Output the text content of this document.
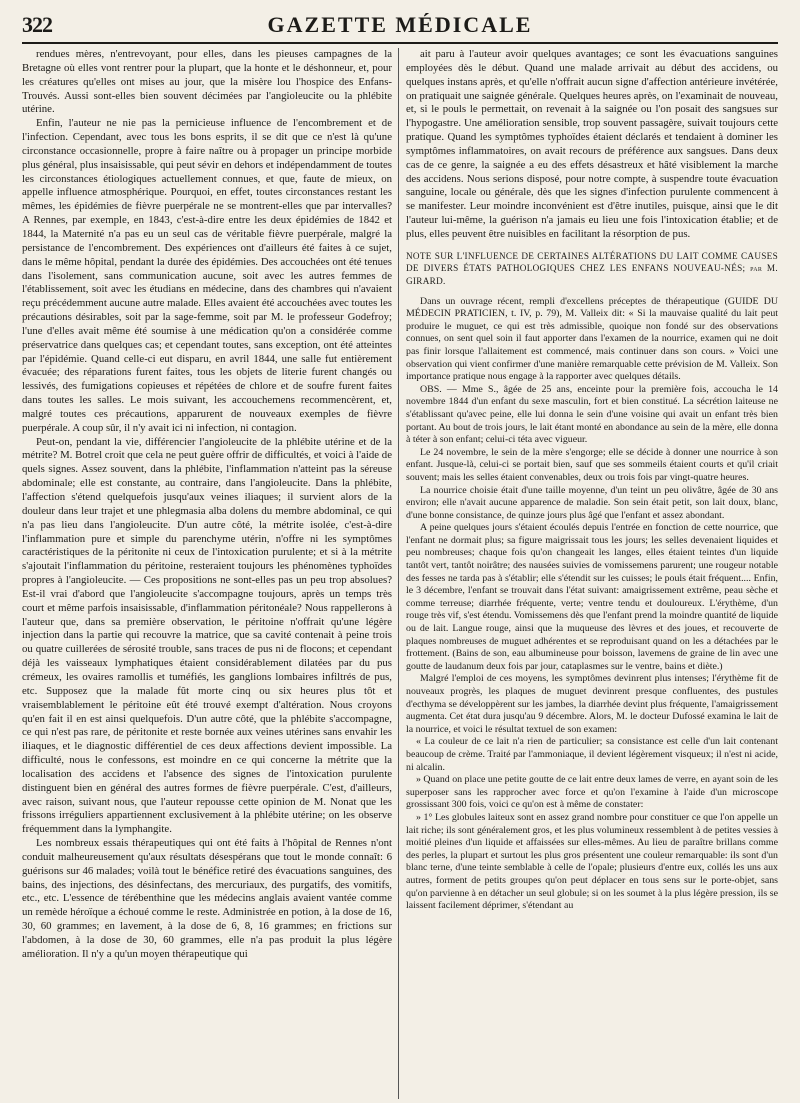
322	GAZETTE MÉDICALE

rendues mères, n'entrevoyant, pour elles, dans les pieuses campagnes de la Bretagne où elles vont rentrer pour la plupart, que la honte et le déshonneur, et, pour les créatures qu'elles ont mises au jour, que la misère lou l'hospice des Enfans-Trouvés. Aussi sont-elles bien souvent décimées par l'angioleucite ou la phlébite utérine.

Enfin, l'auteur ne nie pas la pernicieuse influence de l'encombrement et de l'infection. Cependant, avec tous les bons esprits, il se dit que ce n'est là qu'une circonstance occasionnelle, propre à faire naître ou à propager un principe morbide plus général, plus insaisissable, qui peut sévir en dehors et indépendamment de toutes les circonstances étiologiques actuellement connues, et que, faute de mieux, on appelle influence atmosphérique. Pourquoi, en effet, toutes circonstances restant les mêmes, les épidémies de fièvre puerpérale ne se montrent-elles que par intervalles? A Rennes, par exemple, en 1843, c'est-à-dire entre les deux épidémies de 1842 et 1844, la Maternité n'a pas eu un seul cas de véritable fièvre puerpérale, malgré la persistance de l'encombrement. Des expériences ont d'ailleurs été faites à ce sujet, dans le même hôpital, pendant la durée des épidémies. Des accouchées ont été tenues dans l'isolement, sans communication aucune, soit avec les autres femmes de l'établissement, soit avec les étudians en médecine, dans des chambres qui n'avaient reçu précédemment aucune autre malade. Elles avaient été accouchées avec toutes les précautions désirables, soit par la sage-femme, soit par M. le professeur Godefroy; l'une d'elles avait même été soumise à une médication qu'on a considérée comme préservatrice dans quelques cas; et cependant toutes, sans exception, ont été atteintes par l'épidémie. Quand celle-ci eut disparu, en avril 1844, une salle fut entièrement évacuée; des réparations furent faites, tous les objets de literie furent changés ou lessivés, des fumigations copieuses et répétées de chlore et de soufre furent faites dans toutes les salles. Le mois suivant, les accouchemens recommencèrent, et, malgré toutes ces précautions, apparurent de nouveaux exemples de fièvre puerpérale. A coup sûr, il n'y avait ici ni infection, ni contagion.

Peut-on, pendant la vie, différencier l'angioleucite de la phlébite utérine et de la métrite? M. Botrel croit que cela ne peut guère offrir de difficultés, et voici à l'aide de quels signes. Assez souvent, dans la phlébite, l'inflammation n'atteint pas la séreuse abdominale; elle est constante, au contraire, dans l'angioleucite. Dans la phlébite, l'affection s'étend quelquefois jusqu'aux veines iliaques; il survient alors de la douleur dans leur trajet et une phlegmasia alba dolens du membre abdominal, ce qui n'a pas lieu dans l'angioleucite. D'un autre côté, la métrite isolée, c'est-à-dire l'inflammation pure et simple du parenchyme utérin, n'offre ni les symptômes caractéristiques de la péritonite ni ceux de l'intoxication purulente; et si à la métrite s'ajoutait l'inflammation du péritoine, resteraient toujours les phénomènes typhoïdes propres à l'angioleucite. — Ces propositions ne sont-elles pas un peu trop absolues? Est-il vrai d'abord que l'angioleucite s'accompagne toujours, après un temps très court et même parfois insaisissable, d'inflammation péritonéale? Nous rappellerons à l'auteur que, dans sa première observation, le péritoine n'offrait qu'une légère injection dans la partie qui recouvre la matrice, que sa cavité contenait à peine trois ou quatre cuillerées de sérosité trouble, sans traces de pus ni de flocons; et cependant déjà les vaisseaux lymphatiques étaient considérablement dilatées par du pus crémeux, les ovaires ramollis et tuméfiés, les ganglions lombaires infiltrés de pus, etc. Supposez que la malade fût morte cinq ou six heures plus tôt et vraisemblablement le péritoine eût été trouvé exempt d'altération. Nous croyons qu'en fait il en est ainsi quelquefois. D'un autre côté, que la phlébite s'accompagne, ce qui n'est pas rare, de péritonite et reste bornée aux veines utérines sans envahir les iliaques, et le diagnostic différentiel de ces deux affections devient impossible. La difficulté, nous le confessons, est moindre en ce qui concerne la métrite que la localisation des accidens et l'absence des signes de l'intoxication purulente distinguent bien en général des autres formes de fièvre puerpérale. C'est, d'ailleurs, avec raison, suivant nous, que l'auteur repousse cette opinion de M. Nonat que les frissons irréguliers appartiennent exclusivement à la phlébite utérine; on les observe fréquemment dans la lymphangite.

Les nombreux essais thérapeutiques qui ont été faits à l'hôpital de Rennes n'ont conduit malheureusement qu'aux résultats désespérans que tout le monde connaît: 6 guérisons sur 46 malades; voilà tout le bénéfice retiré des évacuations sanguines, des bains, des injections, des désinfectans, des mercuriaux, des purgatifs, des vomitifs, etc., etc. L'essence de térébenthine que les médecins anglais avaient vantée comme un remède héroïque a échoué comme le reste. Administrée en potion, à la dose de 16, 30, 60 grammes; en lavement, à la dose de 6, 8, 16 grammes; en frictions sur l'abdomen, à la dose de 30, 60 grammes, elle n'a pas produit la plus légère amélioration. Il n'y a qu'un moyen thérapeutique qui

ait paru à l'auteur avoir quelques avantages; ce sont les évacuations sanguines employées dès le début. Quand une malade arrivait au début des accidens, ou quelques instans après, et qu'elle n'offrait aucun signe d'affection antérieure invétérée, on pratiquait une saignée générale. Quelques heures après, on l'examinait de nouveau, et, si le pouls le permettait, on revenait à la saignée ou l'on posait des sangsues sur l'hypogastre. Une amélioration sensible, trop souvent passagère, suivait toujours cette pratique. Quand les symptômes typhoïdes étaient déclarés et tendaient à dominer les symptômes inflammatoires, on avait recours de préférence aux sangsues. Dans deux cas de ce genre, la saignée a eu des effets désastreux et hâté visiblement la marche des accidens. Nous serions disposé, pour notre compte, à suspendre toute évacuation sanguine, locale ou générale, dès que les signes d'infection purulente commencent à se manifester. Leur moindre inconvénient est d'être inutiles, puisque, ainsi que le dit l'auteur lui-même, la guérison n'a jamais eu lieu une fois l'intoxication établie; et de plus, elles peuvent être nuisibles en facilitant la résorption de pus.

NOTE SUR L'INFLUENCE DE CERTAINES ALTÉRATIONS DU LAIT COMME CAUSES DE DIVERS ÉTATS PATHOLOGIQUES CHEZ LES ENFANS NOUVEAU-NÉS; par M. GIRARD.

Dans un ouvrage récent, rempli d'excellens préceptes de thérapeutique (GUIDE DU MÉDECIN PRATICIEN, t. IV, p. 79), M. Valleix dit: « Si la mauvaise qualité du lait peut produire le muguet, ce qui est très admissible, quoique non fondé sur des observations connues, on sent quel soin il faut apporter dans l'examen de la nourrice, examen qui ne doit pas finir lorsque l'allaitement est commencé, mais continuer dans son cours. » Voici une observation qui vient confirmer d'une manière remarquable cette prévision de M. Valleix. Son importance pratique nous engage à la rapporter avec quelques détails.

OBS. — Mme S., âgée de 25 ans, enceinte pour la première fois, accoucha le 14 novembre 1844 d'un enfant du sexe masculin, fort et bien constitué. La sécrétion laiteuse ne s'établissant qu'avec peine, elle lui donna le sein d'une voisine qui avait un enfant très bien portant. Au bout de trois jours, le lait étant monté en abondance au sein de la mère, elle donna à téter à son enfant; celui-ci téta avec vigueur.

Le 24 novembre, le sein de la mère s'engorge; elle se décide à donner une nourrice à son enfant. Jusque-là, celui-ci se portait bien, sauf que ses sommeils étaient courts et qu'il criait souvent; mais les selles étaient convenables, deux ou trois fois par vingt-quatre heures.

La nourrice choisie était d'une taille moyenne, d'un teint un peu olivâtre, âgée de 30 ans environ; elle n'avait aucune apparence de maladie. Son sein était petit, son lait doux, blanc, d'une bonne consistance, de quinze jours plus âgé que l'enfant et assez abondant.

A peine quelques jours s'étaient écoulés depuis l'entrée en fonction de cette nourrice, que l'enfant ne dormait plus; sa figure maigrissait tous les jours; les selles devenaient liquides et peu nombreuses; chaque fois qu'on changeait les langes, elles étaient teintes d'un liquide tantôt vert, tantôt noirâtre; des nausées suivies de vomissemens parurent; une rougeur notable des fesses ne tarda pas à s'établir; elle s'étendit sur les cuisses; le pouls était fréquent.... Enfin, le 3 décembre, l'enfant se trouvait dans l'état suivant: amaigrissement extrême, peau sèche et comme terreuse; diarrhée fréquente, verte; ventre tendu et douloureux. L'érythème, d'un rouge très vif, s'est étendu. Vomissemens dès que l'enfant prend la moindre quantité de liquide ou de lait. Langue rouge, ainsi que la muqueuse des lèvres et des joues, et recouverte de plaques nombreuses de muguet adhérentes et se reproduisant quand on les a détachées par le frottement. (Bains de son, eau albumineuse pour boisson, lavemens de graine de lin avec une goutte de laudanum deux fois par jour, cataplasmes sur le ventre, bains et diète.)

Malgré l'emploi de ces moyens, les symptômes devinrent plus intenses; l'érythème fit de nouveaux progrès, les plaques de muguet devinrent presque confluentes, des pustules d'ecthyma se développèrent sur les jambes, la diarrhée devint plus fréquente, l'amaigrissement augmenta. Cet état dura jusqu'au 9 décembre. Alors, M. le docteur Dufossé examina le lait de la nourrice, et voici le résultat textuel de son examen:

« La couleur de ce lait n'a rien de particulier; sa consistance est celle d'un lait contenant beaucoup de crème. Traité par l'ammoniaque, il devient légèrement visqueux; il n'est ni acide, ni alcalin.

» Quand on place une petite goutte de ce lait entre deux lames de verre, en ayant soin de les superposer sans les rapprocher avec force et qu'on l'examine à l'aide d'un microscope grossissant 300 fois, voici ce qu'on est à même de constater:

» 1° Les globules laiteux sont en assez grand nombre pour constituer ce que l'on appelle un lait riche; ils sont généralement gros, et les plus volumineux ressemblent à de petites vessies à moitié pleines d'un liquide et affaissées sur elles-mêmes. Au lieu de paraître brillans comme des perles, la plupart et surtout les plus gros présentent une couleur remarquable: ils sont d'un blanc terne, d'une teinte semblable à celle de l'opale; plusieurs d'entre eux, collés les uns aux autres, forment de petits groupes qu'on peut déplacer en tous sens sur le porte-objet, sans qu'on parvienne à en détacher un seul globule; si on les soumet à la plus légère pression, ils se laissent facilement déprimer, s'étendant au
